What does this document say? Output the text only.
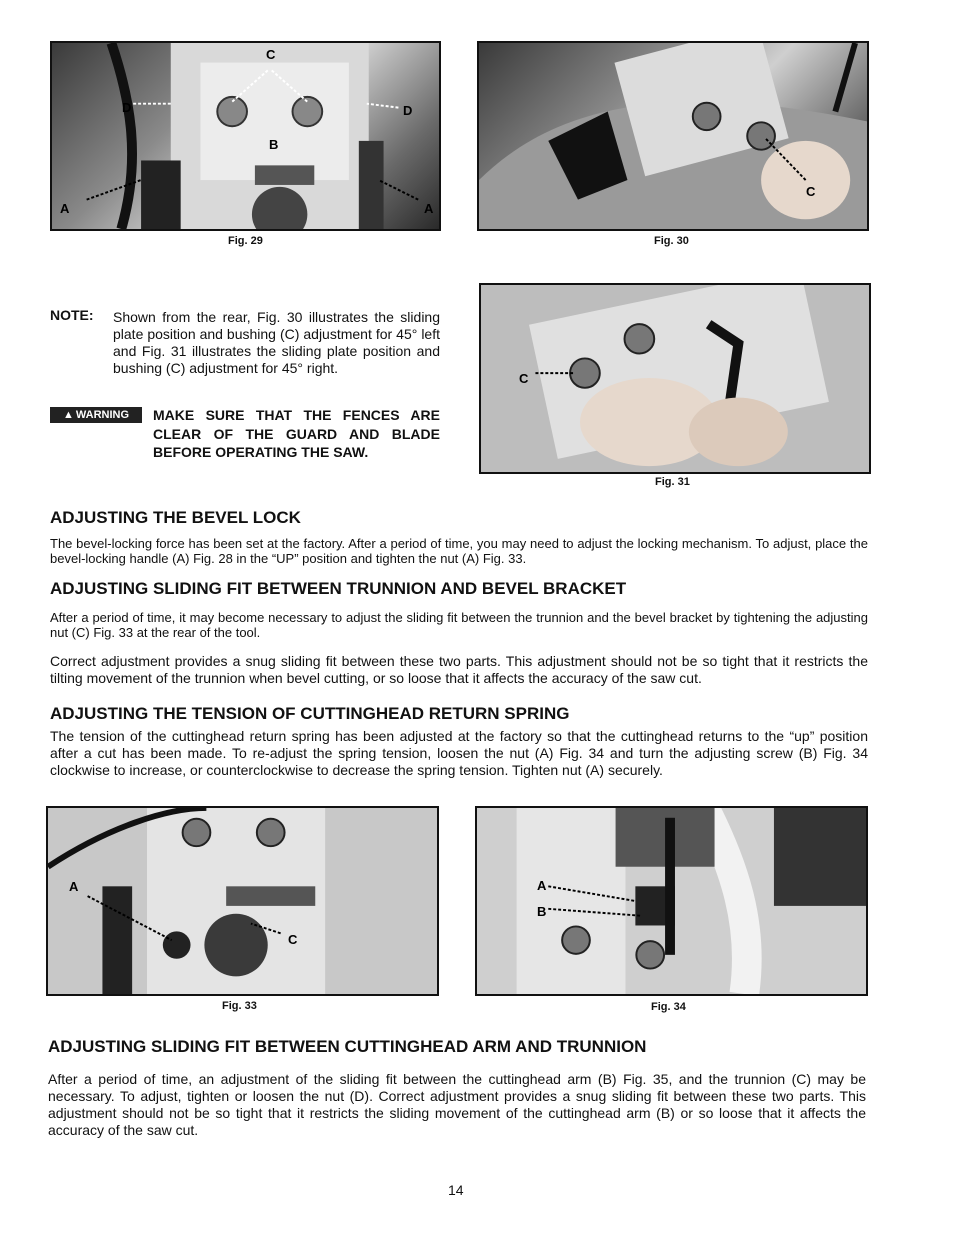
C
D	D
B
A	A
Fig. 29
C
Fig. 30
NOTE: Shown from the rear, Fig. 30 illustrates the sliding plate position and bushing (C) adjustment for 45° left and Fig. 31 illustrates the sliding plate position and bushing (C) adjustment for 45° right.
▲ WARNING MAKE SURE THAT THE FENCES ARE CLEAR OF THE GUARD AND BLADE BEFORE OPERATING THE SAW.
C
Fig. 31
ADJUSTING THE BEVEL LOCK

The bevel-locking force has been set at the factory. After a period of time, you may need to adjust the locking mechanism. To adjust, place the bevel-locking handle (A) Fig. 28 in the “UP” position and tighten the nut (A) Fig. 33.

ADJUSTING SLIDING FIT BETWEEN TRUNNION AND BEVEL BRACKET

After a period of time, it may become necessary to adjust the sliding fit between the trunnion and the bevel bracket by tightening the adjusting nut (C) Fig. 33 at the rear of the tool.

Correct adjustment provides a snug sliding fit between these two parts. This adjustment should not be so tight that it restricts the tilting movement of the trunnion when bevel cutting, or so loose that it affects the accuracy of the saw cut.

ADJUSTING THE TENSION OF CUTTINGHEAD RETURN SPRING

The tension of the cuttinghead return spring has been adjusted at the factory so that the cuttinghead returns to the “up” position after a cut has been made. To re-adjust the spring tension, loosen the nut (A) Fig. 34 and turn the adjusting screw (B) Fig. 34 clockwise to increase, or counterclockwise to decrease the spring tension. Tighten nut (A) securely.

A
C
Fig. 33
A
B
Fig. 34
ADJUSTING SLIDING FIT BETWEEN CUTTINGHEAD ARM AND TRUNNION

After a period of time, an adjustment of the sliding fit between the cuttinghead arm (B) Fig. 35, and the trunnion (C) may be necessary. To adjust, tighten or loosen the nut (D). Correct adjustment provides a snug sliding fit between these two parts. This adjustment should not be so tight that it restricts the sliding movement of the cuttinghead arm (B) or so loose that it affects the accuracy of the saw cut.

14
